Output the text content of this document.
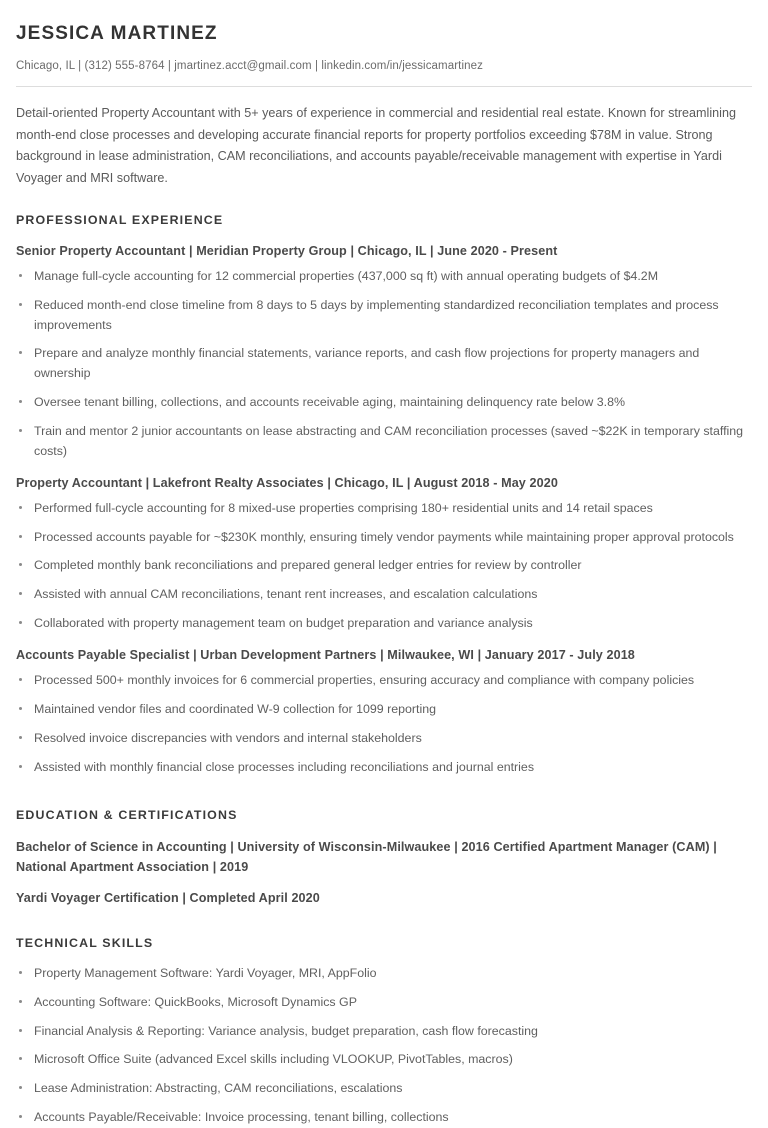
JESSICA MARTINEZ
Chicago, IL | (312) 555-8764 | jmartinez.acct@gmail.com | linkedin.com/in/jessicamartinez

Detail-oriented Property Accountant with 5+ years of experience in commercial and residential real estate. Known for streamlining month-end close processes and developing accurate financial reports for property portfolios exceeding $78M in value. Strong background in lease administration, CAM reconciliations, and accounts payable/receivable management with expertise in Yardi Voyager and MRI software.

PROFESSIONAL EXPERIENCE
Senior Property Accountant | Meridian Property Group | Chicago, IL | June 2020 - Present
Manage full-cycle accounting for 12 commercial properties (437,000 sq ft) with annual operating budgets of $4.2M
Reduced month-end close timeline from 8 days to 5 days by implementing standardized reconciliation templates and process improvements
Prepare and analyze monthly financial statements, variance reports, and cash flow projections for property managers and ownership
Oversee tenant billing, collections, and accounts receivable aging, maintaining delinquency rate below 3.8%
Train and mentor 2 junior accountants on lease abstracting and CAM reconciliation processes (saved ~$22K in temporary staffing costs)
Property Accountant | Lakefront Realty Associates | Chicago, IL | August 2018 - May 2020
Performed full-cycle accounting for 8 mixed-use properties comprising 180+ residential units and 14 retail spaces
Processed accounts payable for ~$230K monthly, ensuring timely vendor payments while maintaining proper approval protocols
Completed monthly bank reconciliations and prepared general ledger entries for review by controller
Assisted with annual CAM reconciliations, tenant rent increases, and escalation calculations
Collaborated with property management team on budget preparation and variance analysis
Accounts Payable Specialist | Urban Development Partners | Milwaukee, WI | January 2017 - July 2018
Processed 500+ monthly invoices for 6 commercial properties, ensuring accuracy and compliance with company policies
Maintained vendor files and coordinated W-9 collection for 1099 reporting
Resolved invoice discrepancies with vendors and internal stakeholders
Assisted with monthly financial close processes including reconciliations and journal entries
EDUCATION & CERTIFICATIONS
Bachelor of Science in Accounting | University of Wisconsin-Milwaukee | 2016 Certified Apartment Manager (CAM) | National Apartment Association | 2019
Yardi Voyager Certification | Completed April 2020
TECHNICAL SKILLS
Property Management Software: Yardi Voyager, MRI, AppFolio
Accounting Software: QuickBooks, Microsoft Dynamics GP
Financial Analysis & Reporting: Variance analysis, budget preparation, cash flow forecasting
Microsoft Office Suite (advanced Excel skills including VLOOKUP, PivotTables, macros)
Lease Administration: Abstracting, CAM reconciliations, escalations
Accounts Payable/Receivable: Invoice processing, tenant billing, collections
